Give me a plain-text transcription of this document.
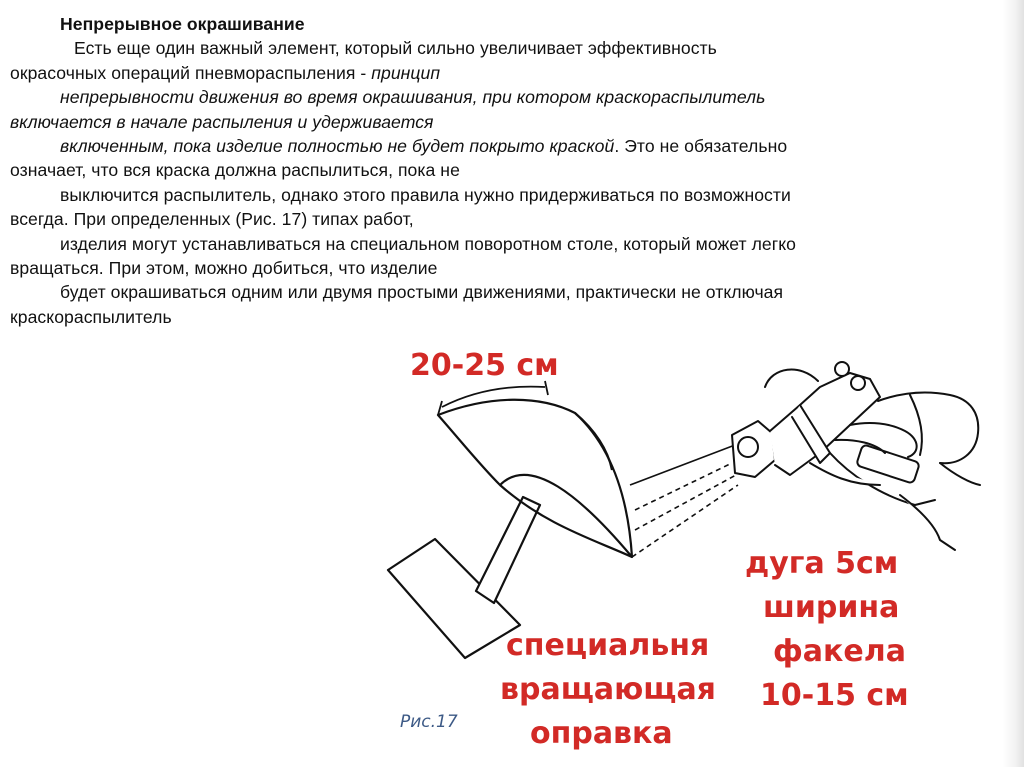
Непрерывное окрашивание
Есть еще один важный элемент, который сильно увеличивает эффективность
окрасочных операций пневмораспыления - принцип
непрерывности движения во время окрашивания, при котором краскораспылитель
включается в начале распыления и удерживается
включенным, пока изделие полностью не будет покрыто краской. Это не обязательно
означает, что вся краска должна распылиться, пока не
выключится распылитель, однако этого правила нужно придерживаться по возможности
всегда. При определенных (Рис. 17) типах работ,
изделия могут устанавливаться на специальном поворотном столе, который может легко
вращаться. При этом, можно добиться, что изделие
будет окрашиваться одним или двумя простыми движениями, практически не отключая
краскораспылитель
20-25 см
дуга 5см ширина факела 10-15 см
специальня вращающая оправка
Рис.17
